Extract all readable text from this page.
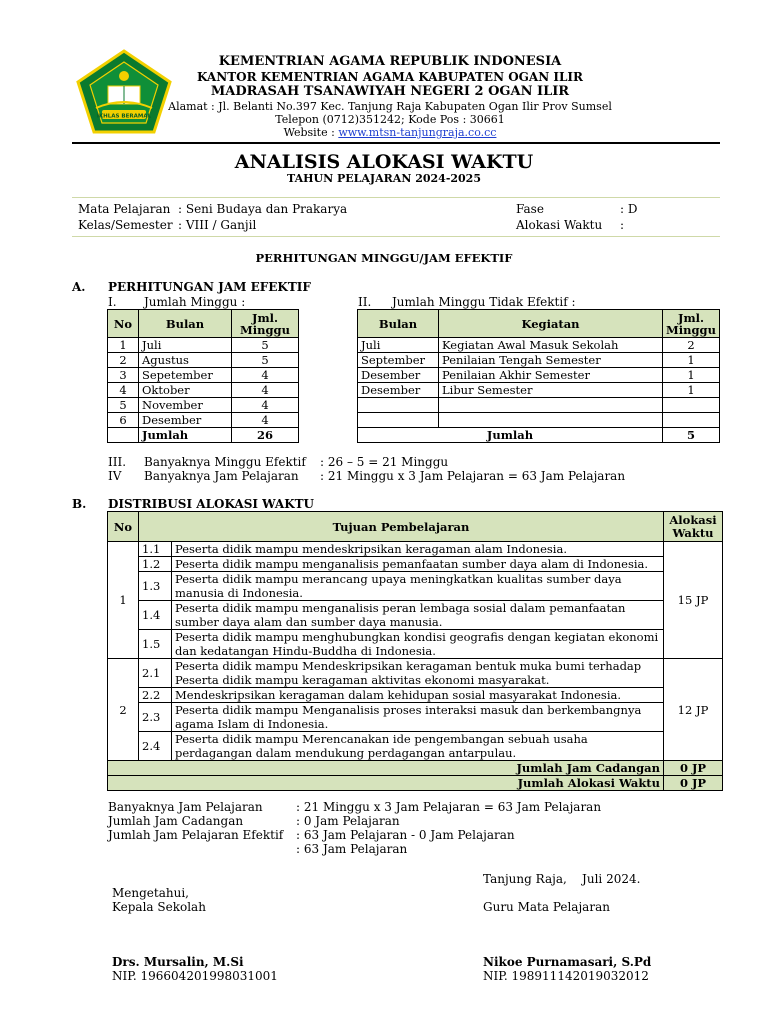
IKHLAS BERAMAL
KEMENTRIAN AGAMA REPUBLIK INDONESIA
KANTOR KEMENTRIAN AGAMA KABUPATEN OGAN ILIR
MADRASAH TSANAWIYAH NEGERI 2 OGAN ILIR
Alamat : Jl. Belanti No.397 Kec. Tanjung Raja Kabupaten Ogan Ilir Prov Sumsel
Telepon (0712)351242; Kode Pos : 30661
Website : www.mtsn-tanjungraja.co.cc
ANALISIS ALOKASI WAKTU
TAHUN PELAJARAN 2024-2025
Mata Pelajaran : Seni Budaya dan Prakarya	Fase	: D
Kelas/Semester : VIII / Ganjil	Alokasi Waktu :
PERHITUNGAN MINGGU/JAM EFEKTIF
A. PERHITUNGAN JAM EFEKTIF
I. Jumlah Minggu :	II. Jumlah Minggu Tidak Efektif :
No	Bulan	Jml. Minggu
1	Juli	5
2	Agustus	5
3	Sepetember	4
4	Oktober	4
5	November	4
6	Desember	4
	Jumlah	26
Bulan	Kegiatan	Jml. Minggu
Juli	Kegiatan Awal Masuk Sekolah	2
September	Penilaian Tengah Semester	1
Desember	Penilaian Akhir Semester	1
Desember	Libur Semester	1

Jumlah		5
III. Banyaknya Minggu Efektif : 26 – 5 = 21 Minggu
IV Banyaknya Jam Pelajaran : 21 Minggu x 3 Jam Pelajaran = 63 Jam Pelajaran
B. DISTRIBUSI ALOKASI WAKTU
No	Tujuan Pembelajaran		Alokasi Waktu
1	1.1	Peserta didik mampu mendeskripsikan keragaman alam Indonesia.	15 JP
	1.2	Peserta didik mampu menganalisis pemanfaatan sumber daya alam di Indonesia.	
	1.3	Peserta didik mampu merancang upaya meningkatkan kualitas sumber daya manusia di Indonesia.	
	1.4	Peserta didik mampu menganalisis peran lembaga sosial dalam pemanfaatan sumber daya alam dan sumber daya manusia.	
	1.5	Peserta didik mampu menghubungkan kondisi geografis dengan kegiatan ekonomi dan kedatangan Hindu-Buddha di Indonesia.	
2	2.1	Peserta didik mampu Mendeskripsikan keragaman bentuk muka bumi terhadap Peserta didik mampu keragaman aktivitas ekonomi masyarakat.	12 JP
	2.2	Mendeskripsikan keragaman dalam kehidupan sosial masyarakat Indonesia.	
	2.3	Peserta didik mampu Menganalisis proses interaksi masuk dan berkembangnya agama Islam di Indonesia.	
	2.4	Peserta didik mampu Merencanakan ide pengembangan sebuah usaha perdagangan dalam mendukung perdagangan antarpulau.	
Jumlah Jam Cadangan			0 JP
Jumlah Alokasi Waktu			0 JP
Banyaknya Jam Pelajaran	: 21 Minggu x 3 Jam Pelajaran = 63 Jam Pelajaran
Jumlah Jam Cadangan	: 0 Jam Pelajaran
Jumlah Jam Pelajaran Efektif : 63 Jam Pelajaran - 0 Jam Pelajaran
: 63 Jam Pelajaran
Tanjung Raja,    Juli 2024.
Mengetahui,
Kepala Sekolah	Guru Mata Pelajaran
Drs. Mursalin, M.Si
NIP. 196604201998031001
Nikoe Purnamasari, S.Pd
NIP. 198911142019032012
